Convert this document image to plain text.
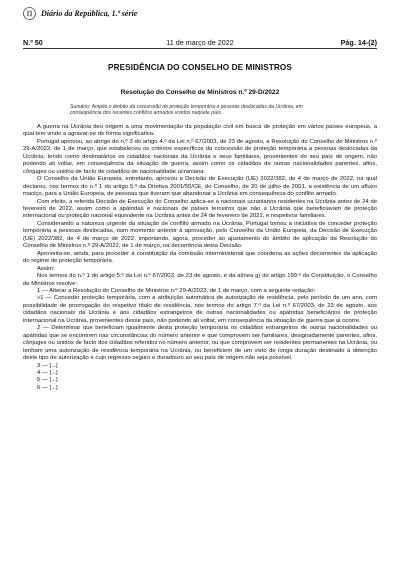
Diário da República, 1.ª série
N.º 50	11 de março de 2022	Pág. 14-(2)
PRESIDÊNCIA DO CONSELHO DE MINISTROS
Resolução do Conselho de Ministros n.º 29-D/2022
Sumário: Amplia o âmbito da concessão de proteção temporária a pessoas deslocadas da Ucrânia, em consequência dos recentes conflitos armados vividos naquele país.

A guerra na Ucrânia deu origem a uma movimentação da população civil em busca de proteção em vários países europeus, a qual tem vindo a agravar-se de forma significativa.

Portugal aprovou, ao abrigo do n.º 3 do artigo 4.º da Lei n.º 67/2003, de 23 de agosto, a Resolução do Conselho de Ministros n.º 29-A/2022, de 1 de março, que estabeleceu os critérios específicos da concessão de proteção temporária a pessoas deslocadas da Ucrânia, tendo como destinatários os cidadãos nacionais da Ucrânia e seus familiares, provenientes do seu país de origem, não podendo ali voltar, em consequência da situação de guerra, assim como os cidadãos de outras nacionalidades parentes, afins, cônjuges ou unidos de facto de cidadãos de nacionalidade ucraniana.

O Conselho da União Europeia, entretanto, aprovou a Decisão de Execução (UE) 2022/382, de 4 de março de 2022, na qual declarou, nos termos do n.º 1 do artigo 5.º da Diretiva 2001/55/CE, do Conselho, de 20 de julho de 2001, a existência de um afluxo maciço, para a União Europeia, de pessoas que tiveram que abandonar a Ucrânia em consequência do conflito armado.

Com efeito, a referida Decisão de Execução do Conselho aplica-se a nacionais ucranianos residentes na Ucrânia antes de 24 de fevereiro de 2022, assim como a apátridas e nacionais de países terceiros que não a Ucrânia que beneficiavam de proteção internacional ou proteção nacional equivalente na Ucrânia antes de 24 de fevereiro de 2022, e respetivos familiares.

Considerando a natureza urgente da situação de conflito armado na Ucrânia, Portugal tomou a iniciativa de conceder proteção temporária a pessoas deslocadas, num momento anterior à aprovação, pelo Conselho da União Europeia, da Decisão de Execução (UE) 2022/382, de 4 de março de 2022, importando, agora, proceder ao ajustamento do âmbito de aplicação da Resolução do Conselho de Ministros n.º 29-A/2022, de 1 de março, na decorrência desta Decisão.

Aproveita-se, ainda, para proceder à constituição da comissão interministerial que coordena as ações decorrentes da aplicação do regime de proteção temporária.

Assim:

Nos termos do n.º 1 do artigo 5.º da Lei n.º 67/2003, de 23 de agosto, e da alínea g) do artigo 199.º da Constituição, o Conselho de Ministros resolve:

1 — Alterar a Resolução do Conselho de Ministros n.º 29-A/2022, de 1 de março, com a seguinte redação:

«1 — Conceder proteção temporária, com a atribuição automática de autorização de residência, pelo período de um ano, com possibilidade de prorrogação do respetivo título de residência, nos termos do artigo 7.º da Lei n.º 67/2003, de 23 de agosto, aos cidadãos nacionais da Ucrânia e aos cidadãos estrangeiros de outras nacionalidades ou apátridas beneficiários de proteção internacional na Ucrânia, provenientes desse país, não podendo ali voltar, em consequência da situação de guerra que aí ocorre.

2 — Determinar que beneficiam igualmente desta proteção temporária os cidadãos estrangeiros de outras nacionalidades ou apátridas que se encontrem nas circunstâncias do número anterior e que comprovem ser familiares, designadamente parentes, afins, cônjuges ou unidos de facto dos cidadãos referidos no número anterior, ou que comprovem ser residentes permanentes na Ucrânia, ou tenham uma autorização de residência temporária na Ucrânia, ou beneficiem de um visto de longa duração destinado à obtenção deste tipo de autorização e cujo regresso seguro e duradouro ao seu país de origem não seja possível.

3 — [...]

4 — [...]

5 — [...]

6 — [...]
